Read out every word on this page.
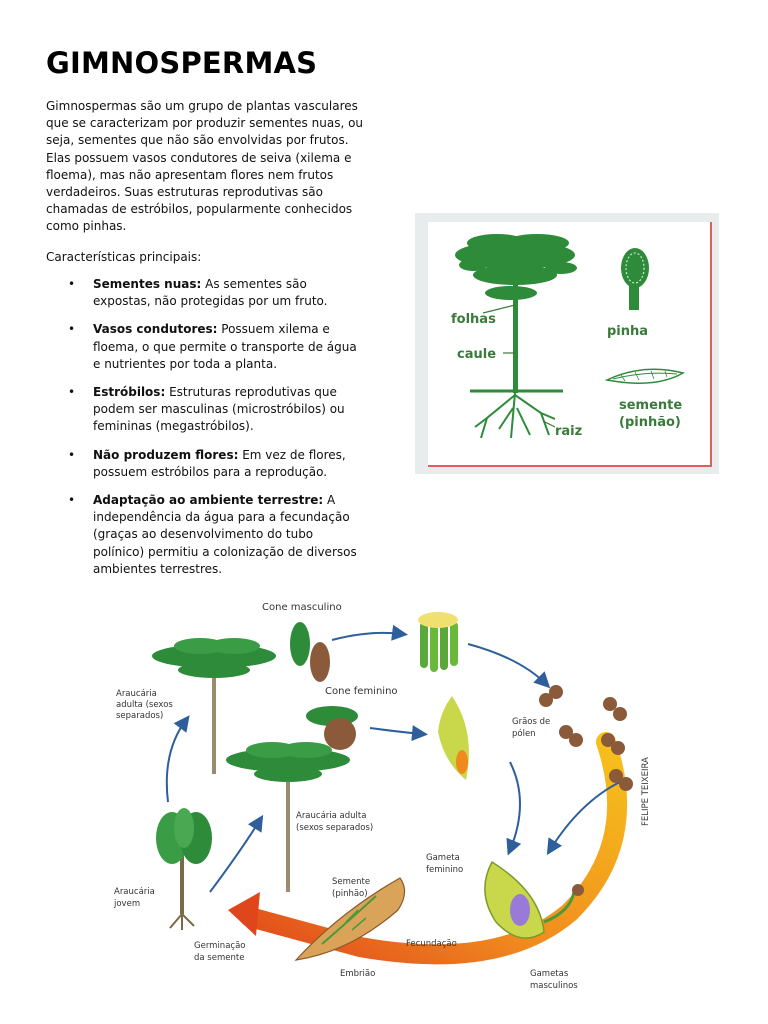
GIMNOSPERMAS

Gimnospermas são um grupo de plantas vasculares que se caracterizam por produzir sementes nuas, ou seja, sementes que não são envolvidas por frutos. Elas possuem vasos condutores de seiva (xilema e floema), mas não apresentam flores nem frutos verdadeiros. Suas estruturas reprodutivas são chamadas de estróbilos, popularmente conhecidos como pinhas.

Características principais:

• Sementes nuas: As sementes são expostas, não protegidas por um fruto.
• Vasos condutores: Possuem xilema e floema, o que permite o transporte de água e nutrientes por toda a planta.
• Estróbilos: Estruturas reprodutivas que podem ser masculinas (microstróbilos) ou femininas (megastróbilos).
• Não produzem flores: Em vez de flores, possuem estróbilos para a reprodução.
• Adaptação ao ambiente terrestre: A independência da água para a fecundação (graças ao desenvolvimento do tubo polínico) permitiu a colonização de diversos ambientes terrestres.
folhas
caule
raiz
pinha
semente
(pinhão)
FELIPE TEIXEIRA
Cone masculino
Cone feminino
Araucária
adulta (sexos
separados)
Araucária adulta
(sexos separados)
Grãos de
pólen
Gameta
feminino
Semente
(pinhão)
Araucária
jovem
Germinação
da semente
Fecundação
Embrião	Gametas
masculinos
